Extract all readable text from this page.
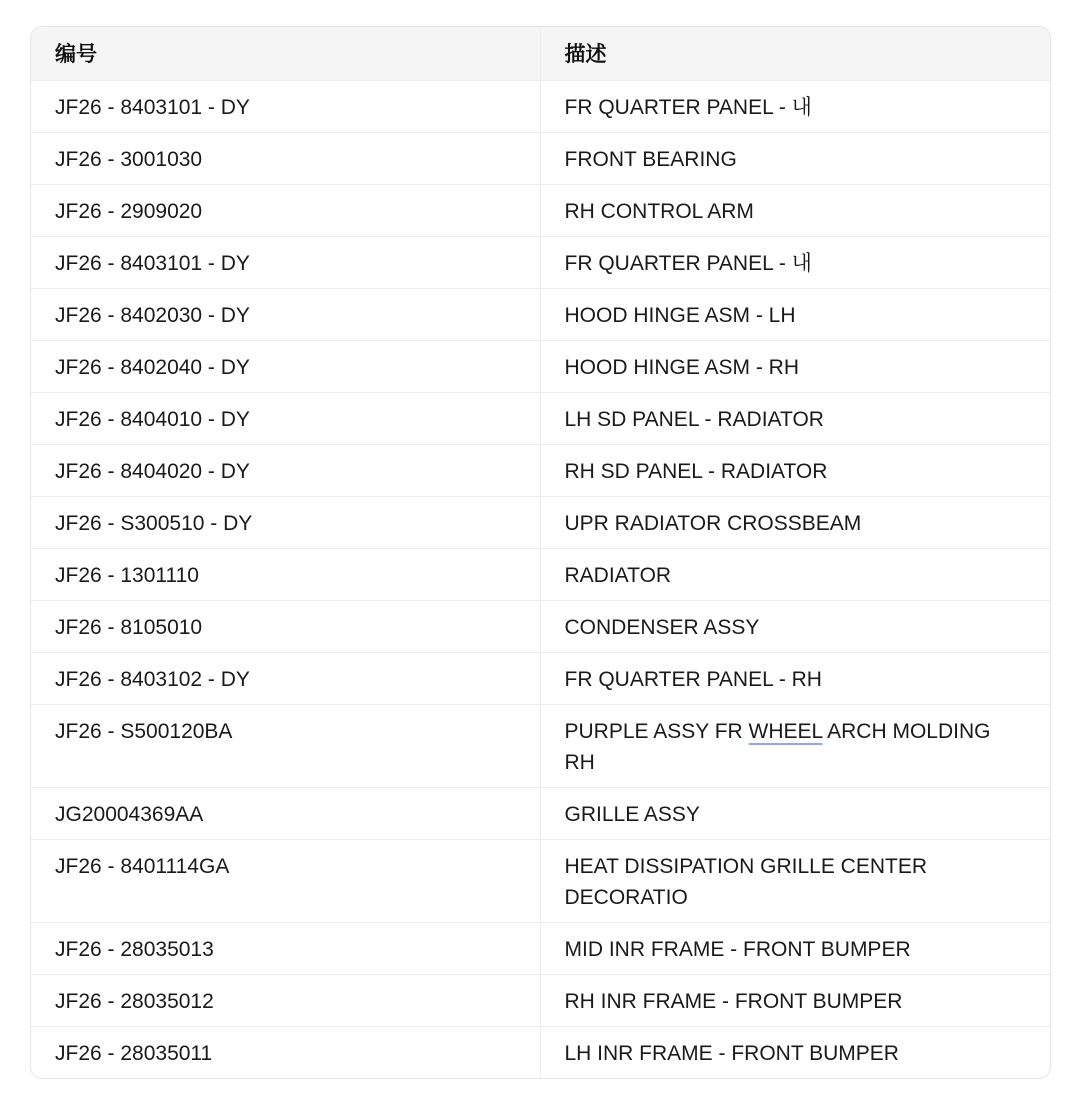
编号	描述
JF26 - 8403101 - DY	FR QUARTER PANEL - 내
JF26 - 3001030	FRONT BEARING
JF26 - 2909020	RH CONTROL ARM
JF26 - 8403101 - DY	FR QUARTER PANEL - 내
JF26 - 8402030 - DY	HOOD HINGE ASM - LH
JF26 - 8402040 - DY	HOOD HINGE ASM - RH
JF26 - 8404010 - DY	LH SD PANEL - RADIATOR
JF26 - 8404020 - DY	RH SD PANEL - RADIATOR
JF26 - S300510 - DY	UPR RADIATOR CROSSBEAM
JF26 - 1301110	RADIATOR
JF26 - 8105010	CONDENSER ASSY
JF26 - 8403102 - DY	FR QUARTER PANEL - RH
JF26 - S500120BA	PURPLE ASSY FR WHEEL ARCH MOLDING RH
JG20004369AA	GRILLE ASSY
JF26 - 8401114GA	HEAT DISSIPATION GRILLE CENTER DECORATIO
JF26 - 28035013	MID INR FRAME - FRONT BUMPER
JF26 - 28035012	RH INR FRAME - FRONT BUMPER
JF26 - 28035011	LH INR FRAME - FRONT BUMPER
